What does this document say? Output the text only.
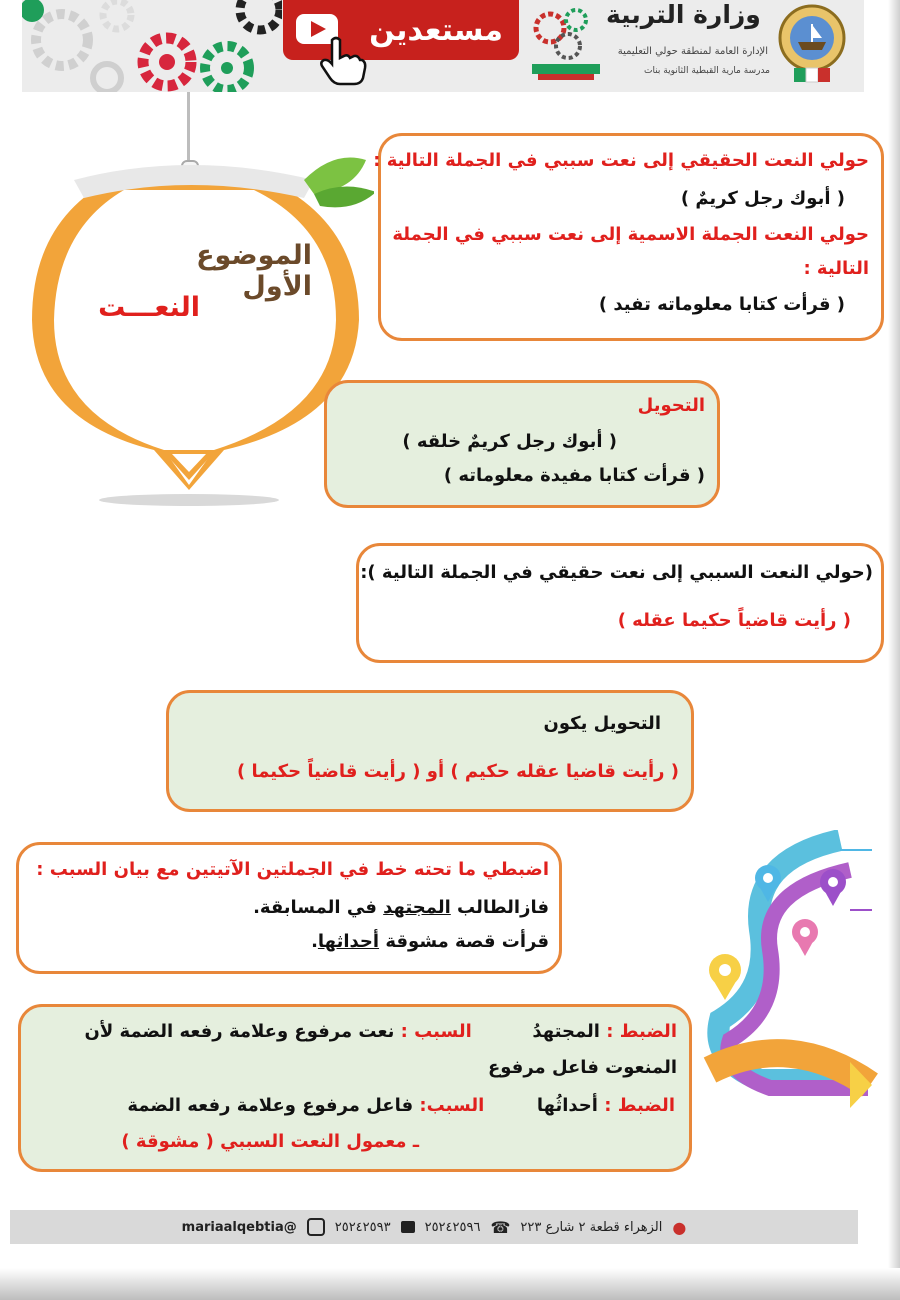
مستعدين	وزارة التربية
الإدارة العامة لمنطقة حولي التعليمية
مدرسة مارية القبطية الثانوية بنات
الموضوع الأول
النعـــت
حولي النعت الحقيقي إلى نعت سببي في الجملة التالية :
( أبوك رجل كريمٌ )
حولي النعت الجملة الاسمية إلى نعت سببي في الجملة
التالية :
( قرأت كتابا معلوماته تفيد )
التحويل
( أبوك رجل كريمٌ خلقه )
( قرأت كتابا مفيدة معلوماته )
(حولي النعت السببي إلى نعت حقيقي في الجملة التالية ):
( رأيت قاضياً حكيما عقله )
التحويل يكون
( رأيت قاضيا عقله حكيم ) أو ( رأيت قاضياً حكيما )
اضبطي ما تحته خط في الجملتين الآتيتين مع بيان السبب :
فازالطالب المجتهد في المسابقة.
قرأت قصة مشوقة أحداثها.
الضبط : المجتهدُ  السبب : نعت مرفوع وعلامة رفعه الضمة لأن
المنعوت فاعل مرفوع
الضبط : أحداثُها  السبب: فاعل مرفوع وعلامة رفعه الضمة
ـ معمول النعت السببي ( مشوقة )
●
الزهراء قطعة ٢ شارع ٢٢٣
☎
٢٥٢٤٢٥٩٦
٢٥٢٤٢٥٩٣
@mariaalqebtia
